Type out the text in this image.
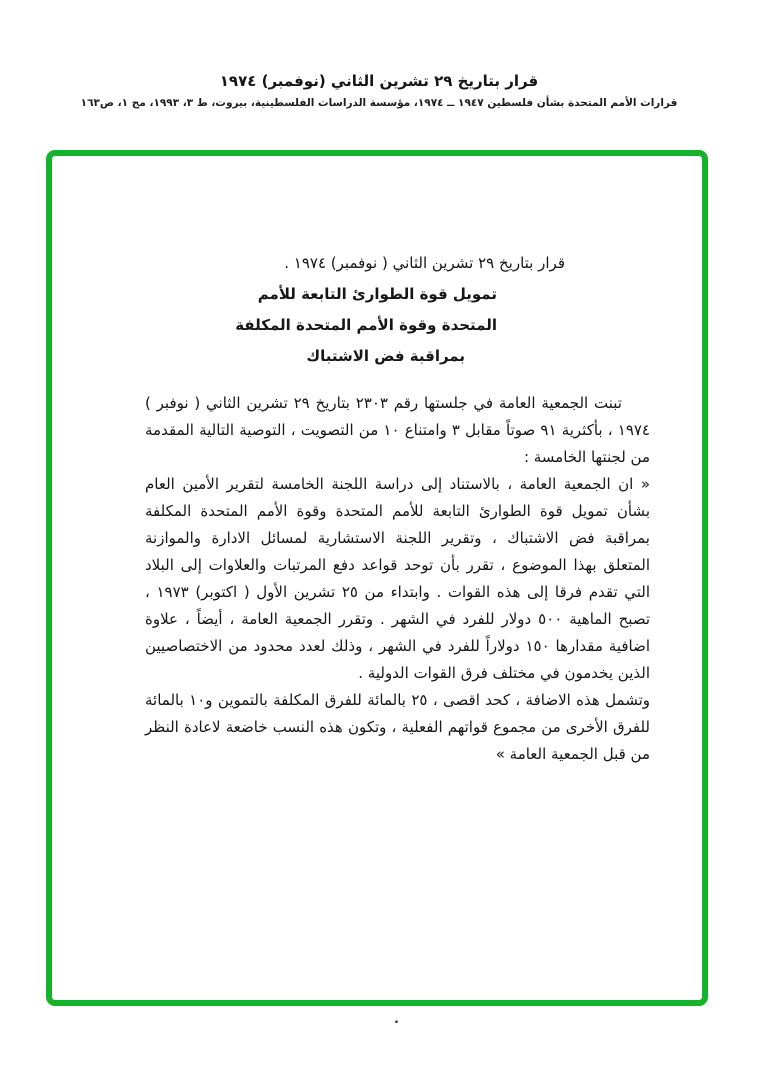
قرار بتاريخ ٢٩ تشرين الثاني (نوفمبر) ١٩٧٤
قرارات الأمم المتحدة بشأن فلسطين ١٩٤٧ ــ ١٩٧٤، مؤسسة الدراسات الفلسطينية، بيروت، ط ٣، ١٩٩٣، مج ١، ص١٦٣
قرار بتاريخ ٢٩ تشرين الثاني ( نوفمبر) ١٩٧٤ .
تمويل قوة الطوارئ التابعة للأمم
المتحدة وقوة الأمم المتحدة المكلفة
بمراقبة فض الاشتباك

تبنت الجمعية العامة في جلستها رقم ٢٣٠٣ بتاريخ ٢٩ تشرين الثاني ( نوفبر ) ١٩٧٤ ، بأكثرية ٩١ صوتاً مقابل ٣ وامتناع ١٠ من التصويت ، التوصية التالية المقدمة من لجنتها الخامسة :

« ان الجمعية العامة ، بالاستناد إلى دراسة اللجنة الخامسة لتقرير الأمين العام بشأن تمويل قوة الطوارئ التابعة للأمم المتحدة وقوة الأمم المتحدة المكلفة بمراقبة فض الاشتباك ، وتقرير اللجنة الاستشارية لمسائل الادارة والموازنة المتعلق بهذا الموضوع ، تقرر بأن توحد قواعد دفع المرتبات والعلاوات إلى البلاد التي تقدم فرقا إلى هذه القوات . وابتداء من ٢٥ تشرين الأول ( اكتوبر) ١٩٧٣ ، تصبح الماهية ٥٠٠ دولار للفرد في الشهر . وتقرر الجمعية العامة ، أيضاً ، علاوة اضافية مقدارها ١٥٠ دولاراً للفرد في الشهر ، وذلك لعدد محدود من الاختصاصيين الذين يخدمون في مختلف فرق القوات الدولية .

وتشمل هذه الاضافة ، كحد اقصى ، ٢٥ بالمائة للفرق المكلفة بالتموين و١٠ بالمائة للفرق الأخرى من مجموع قواتهم الفعلية ، وتكون هذه النسب خاضعة لاعادة النظر من قبل الجمعية العامة »

.
